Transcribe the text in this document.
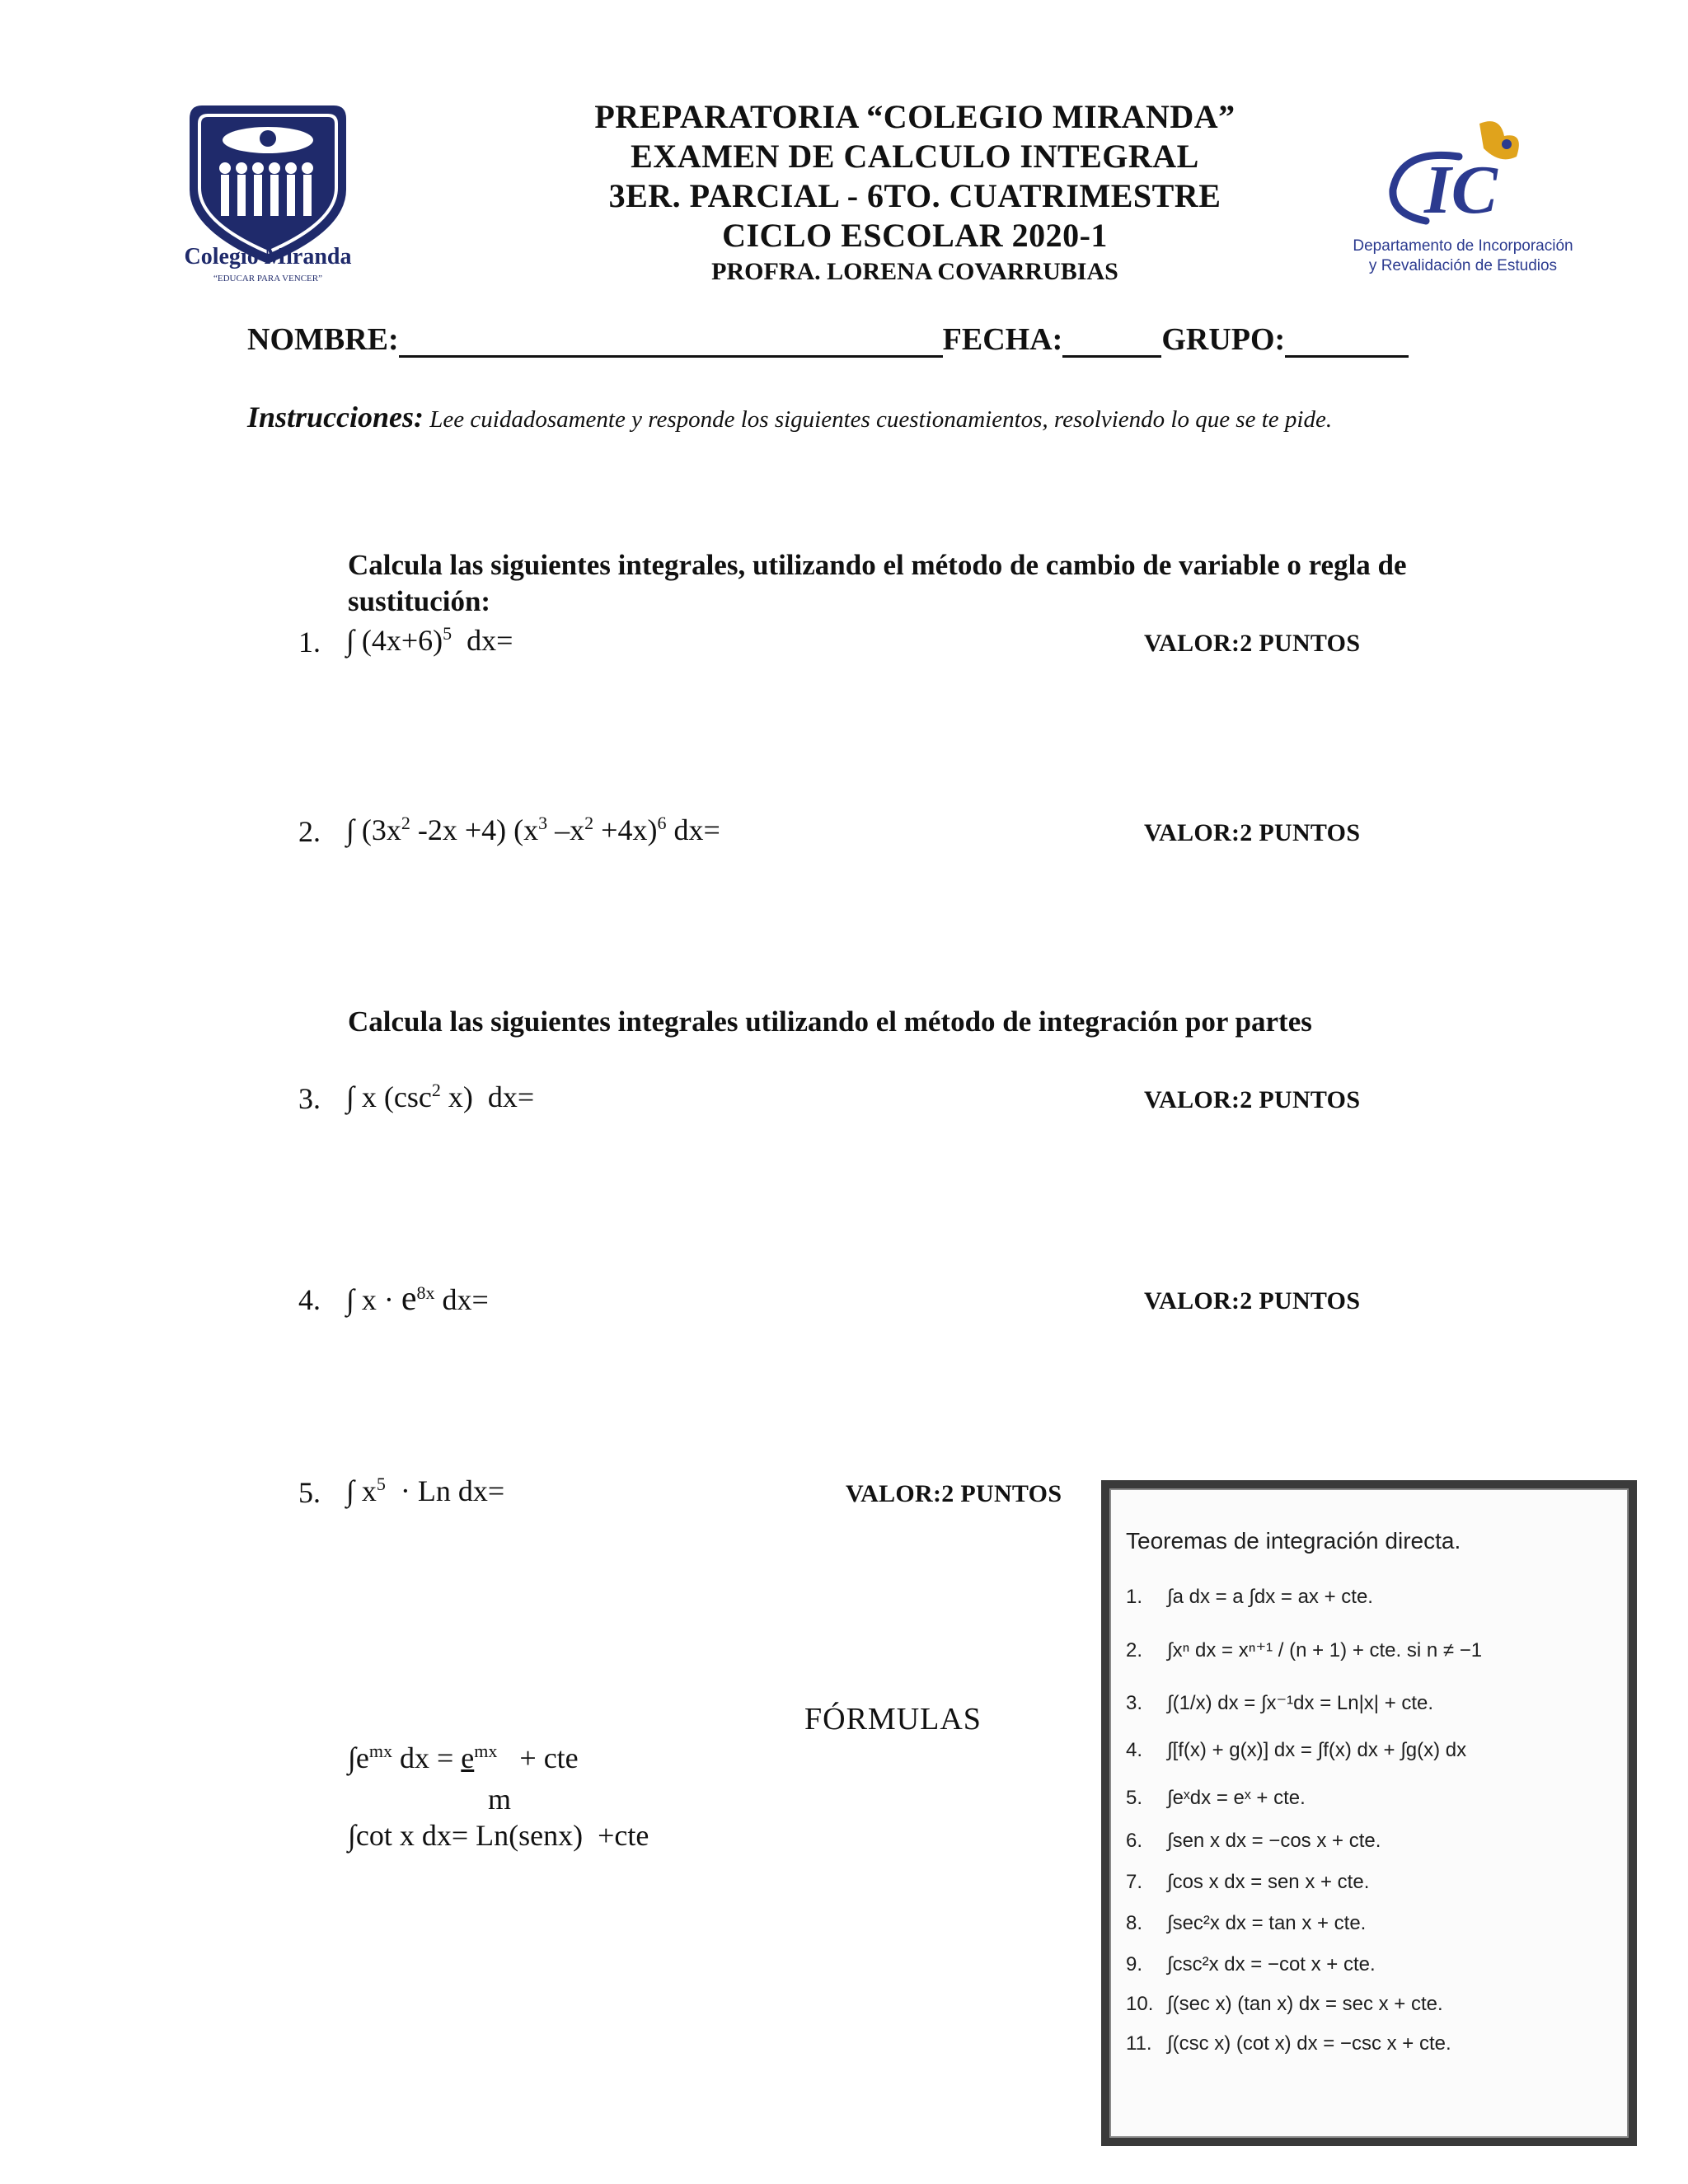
Colegio Miranda
“EDUCAR PARA VENCER”
PREPARATORIA “COLEGIO MIRANDA”
EXAMEN DE CALCULO INTEGRAL
3ER. PARCIAL - 6TO. CUATRIMESTRE
CICLO ESCOLAR 2020-1
PROFRA. LORENA COVARRUBIAS
IC
Departamento de Incorporación
y Revalidación de Estudios
NOMBRE:	FECHA:	GRUPO:
Instrucciones: Lee cuidadosamente y responde los siguientes cuestionamientos, resolviendo lo que se te pide.
Calcula las siguientes integrales, utilizando el método de cambio de variable o regla de sustitución:
1. ∫ $(4x+6)^5$  dx=	VALOR:2 PUNTOS
2. ∫ ($3x^2$ -2x +4) ($x^3$ $-x^2 +4x)^6$ dx=	VALOR:2 PUNTOS
Calcula las siguientes integrales utilizando el método de integración por partes
3. ∫ x ($\csc^2$ x)  dx=	VALOR:2 PUNTOS
4. ∫ $x \cdot e^{8x}$ dx=	VALOR:2 PUNTOS
5. ∫ $x^5 \cdot Ln$ dx=	VALOR:2 PUNTOS
FÓRMULAS
$\int e^{mx}$ dx = $e^{mx}$   + cte
m
∫cot x dx= Ln(senx)  +cte
Teoremas de integración directa.
1. ∫a dx = a ∫dx = ax + cte.
2. ∫xⁿ dx = xⁿ⁺¹ / (n + 1) + cte. si n ≠ −1
3. ∫(1/x) dx = ∫x⁻¹dx = Ln|x| + cte.
4. ∫[f(x) + g(x)] dx = ∫f(x) dx + ∫g(x) dx
5. ∫eˣdx = eˣ + cte.
6. ∫sen x dx = −cos x + cte.
7. ∫cos x dx = sen x + cte.
8. ∫sec²x dx = tan x + cte.
9. ∫csc²x dx = −cot x + cte.
10. ∫(sec x) (tan x) dx = sec x + cte.
11. ∫(csc x) (cot x) dx = −csc x + cte.
